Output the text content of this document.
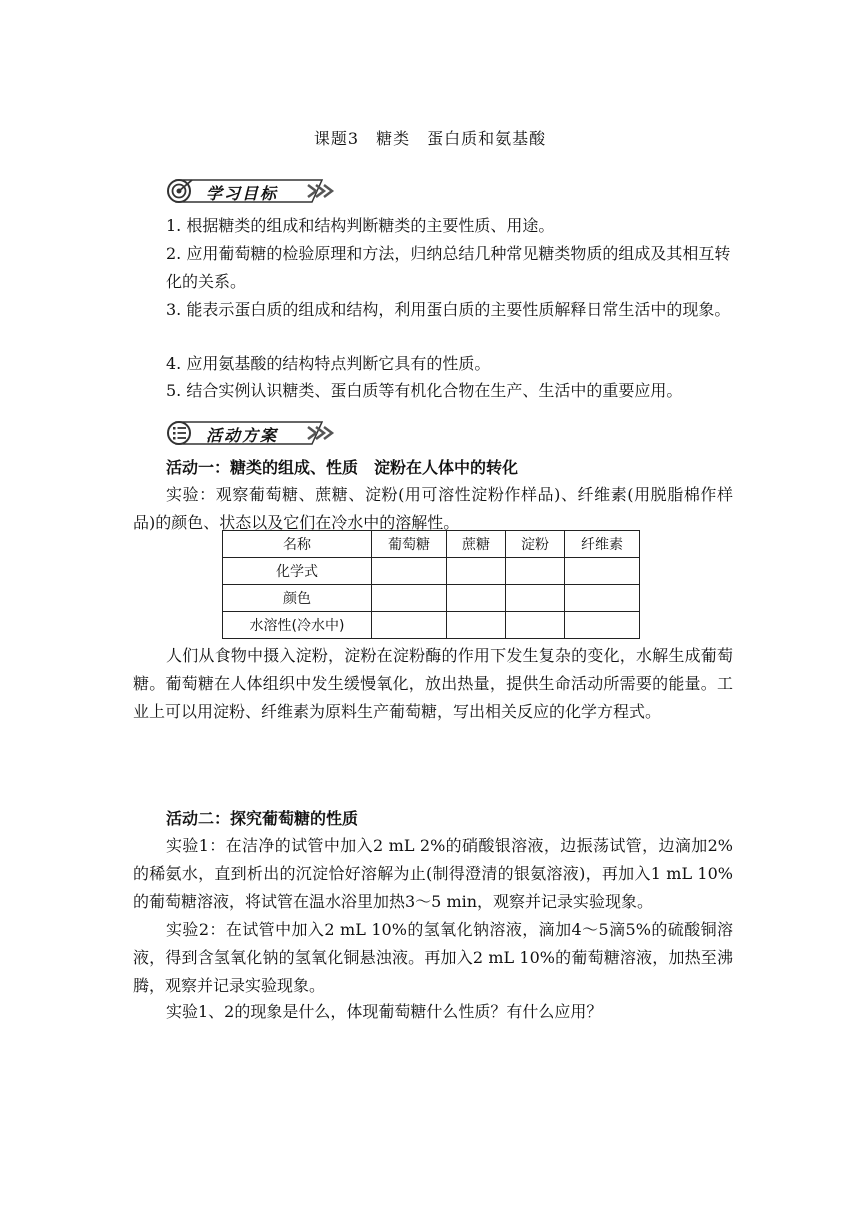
课题3　糖类　蛋白质和氨基酸
学习目标
1. 根据糖类的组成和结构判断糖类的主要性质、用途。
2. 应用葡萄糖的检验原理和方法，归纳总结几种常见糖类物质的组成及其相互转化的关系。
3. 能表示蛋白质的组成和结构，利用蛋白质的主要性质解释日常生活中的现象。
4. 应用氨基酸的结构特点判断它具有的性质。
5. 结合实例认识糖类、蛋白质等有机化合物在生产、生活中的重要应用。
活动方案
活动一：糖类的组成、性质　淀粉在人体中的转化
实验：观察葡萄糖、蔗糖、淀粉(用可溶性淀粉作样品)、纤维素(用脱脂棉作样品)的颜色、状态以及它们在冷水中的溶解性。
名称	葡萄糖	蔗糖	淀粉	纤维素
化学式				
颜色				
水溶性(冷水中)				
人们从食物中摄入淀粉，淀粉在淀粉酶的作用下发生复杂的变化，水解生成葡萄糖。葡萄糖在人体组织中发生缓慢氧化，放出热量，提供生命活动所需要的能量。工业上可以用淀粉、纤维素为原料生产葡萄糖，写出相关反应的化学方程式。
活动二：探究葡萄糖的性质
实验1：在洁净的试管中加入2 mL 2%的硝酸银溶液，边振荡试管，边滴加2%的稀氨水，直到析出的沉淀恰好溶解为止(制得澄清的银氨溶液)，再加入1 mL 10%的葡萄糖溶液，将试管在温水浴里加热3～5 min，观察并记录实验现象。
实验2：在试管中加入2 mL 10%的氢氧化钠溶液，滴加4～5滴5%的硫酸铜溶液，得到含氢氧化钠的氢氧化铜悬浊液。再加入2 mL 10%的葡萄糖溶液，加热至沸腾，观察并记录实验现象。
实验1、2的现象是什么，体现葡萄糖什么性质？有什么应用？
